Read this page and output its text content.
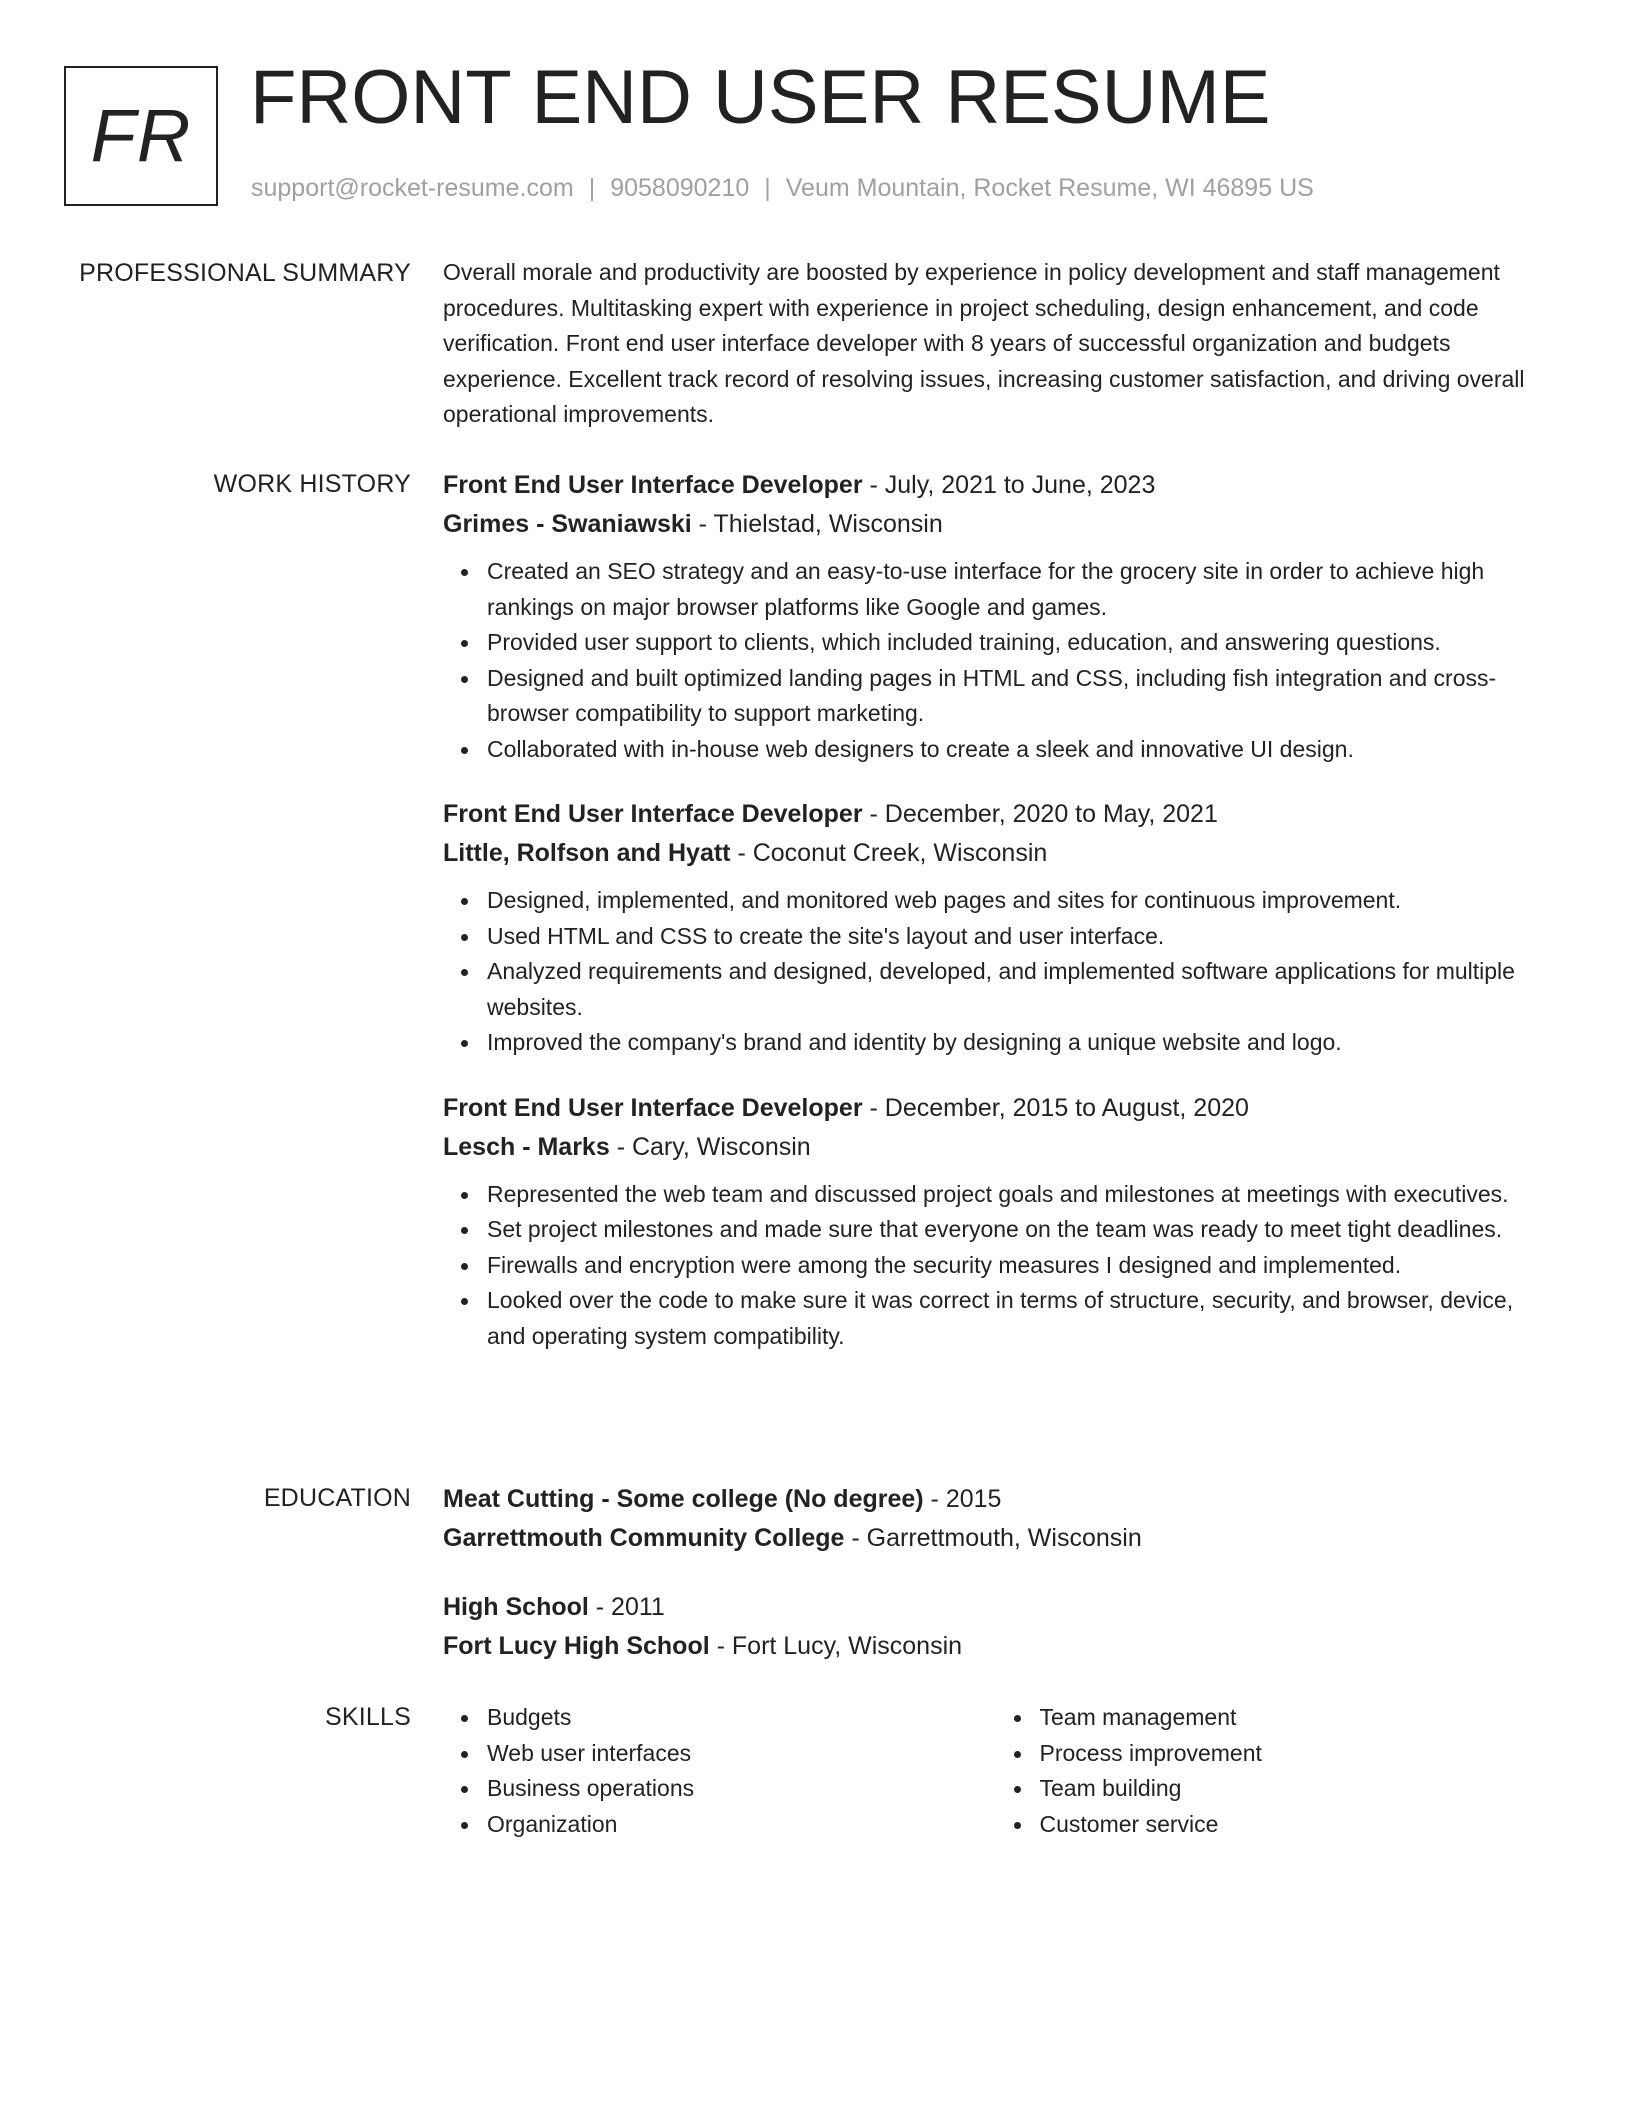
FR FRONT END USER RESUME
support@rocket-resume.com | 9058090210 | Veum Mountain, Rocket Resume, WI 46895 US
PROFESSIONAL SUMMARY Overall morale and productivity are boosted by experience in policy development and staff management procedures. Multitasking expert with experience in project scheduling, design enhancement, and code verification. Front end user interface developer with 8 years of successful organization and budgets experience. Excellent track record of resolving issues, increasing customer satisfaction, and driving overall operational improvements.

WORK HISTORY Front End User Interface Developer - July, 2021 to June, 2023
Grimes - Swaniawski - Thielstad, Wisconsin
Created an SEO strategy and an easy-to-use interface for the grocery site in order to achieve high rankings on major browser platforms like Google and games.
Provided user support to clients, which included training, education, and answering questions.
Designed and built optimized landing pages in HTML and CSS, including fish integration and cross-browser compatibility to support marketing.
Collaborated with in-house web designers to create a sleek and innovative UI design.
Front End User Interface Developer - December, 2020 to May, 2021
Little, Rolfson and Hyatt - Coconut Creek, Wisconsin
Designed, implemented, and monitored web pages and sites for continuous improvement.
Used HTML and CSS to create the site's layout and user interface.
Analyzed requirements and designed, developed, and implemented software applications for multiple websites.
Improved the company's brand and identity by designing a unique website and logo.
Front End User Interface Developer - December, 2015 to August, 2020
Lesch - Marks - Cary, Wisconsin
Represented the web team and discussed project goals and milestones at meetings with executives.
Set project milestones and made sure that everyone on the team was ready to meet tight deadlines.
Firewalls and encryption were among the security measures I designed and implemented.
Looked over the code to make sure it was correct in terms of structure, security, and browser, device, and operating system compatibility.
EDUCATION Meat Cutting - Some college (No degree) - 2015
Garrettmouth Community College - Garrettmouth, Wisconsin
High School - 2011
Fort Lucy High School - Fort Lucy, Wisconsin
SKILLS	Budgets
Web user interfaces
Business operations
Organization
Team management
Process improvement
Team building
Customer service
